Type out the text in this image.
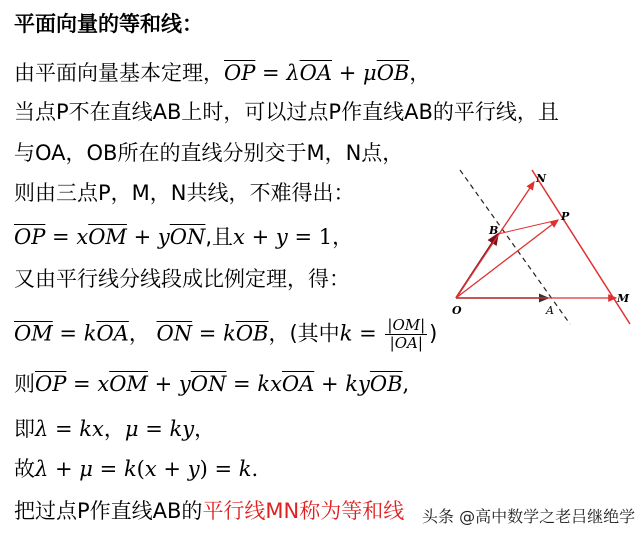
平面向量的等和线：
由平面向量基本定理，$\overline{OP} = \lambda\overline{OA} + \mu\overline{OB}$，
当点P不在直线AB上时，可以过点P作直线AB的平行线，且
与OA，OB所在的直线分别交于M，N点，
则由三点P，M，N共线，不难得出：
$\overline{OP} = x\overline{OM} + y\overline{ON}$,且x + y = 1，
又由平行线分线段成比例定理，得：
$\overline{OM} = k\overline{OA}$， $\overline{ON} = k\overline{OB}$，(其中$k = \frac{|OM|}{|OA|}$ )
则$\overline{OP} = x\overline{OM} + y\overline{ON} = kx\overline{OA} + ky\overline{OB}$,
即λ = kx，μ = ky，
故λ + μ = k(x + y) = k.
把过点P作直线AB的平行线MN称为等和线
O	A
B
P
M
N
头条 @高中数学之老吕继绝学
